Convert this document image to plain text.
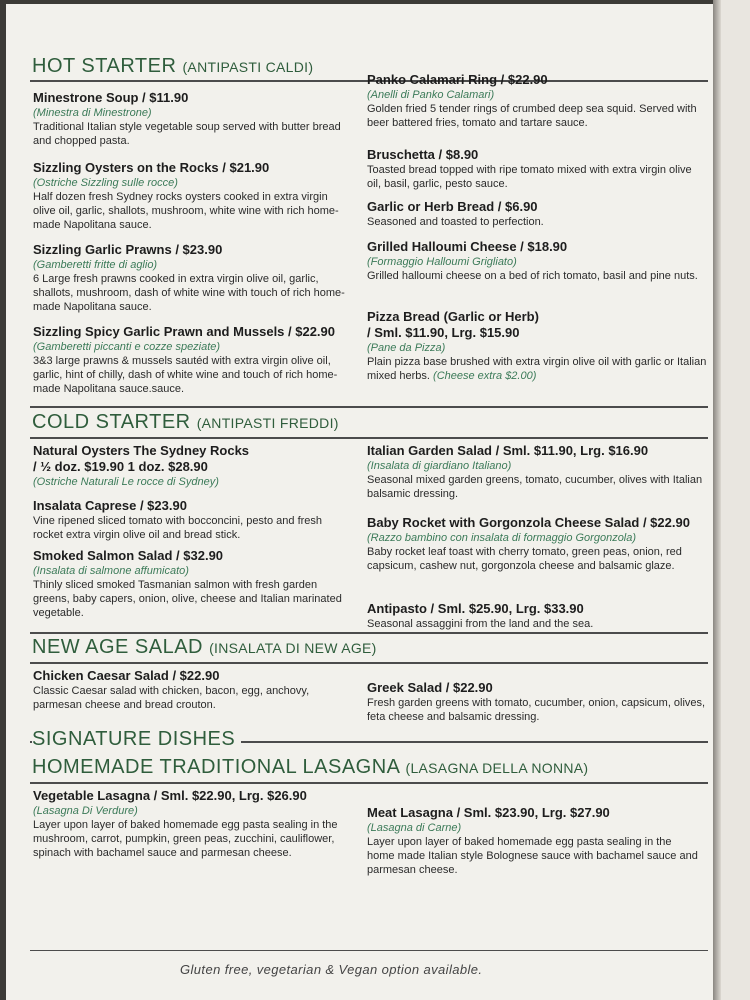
HOT STARTER (ANTIPASTI CALDI)
Minestrone Soup / $11.90
(Minestra di Minestrone)
Traditional Italian style vegetable soup served with butter bread and chopped pasta.
Sizzling Oysters on the Rocks / $21.90
(Ostriche Sizzling sulle rocce)
Half dozen fresh Sydney rocks oysters cooked in extra virgin olive oil, garlic, shallots, mushroom, white wine with rich home-made Napolitana sauce.
Sizzling Garlic Prawns / $23.90
(Gamberetti fritte di aglio)
6 Large fresh prawns cooked in extra virgin olive oil, garlic, shallots, mushroom, dash of white wine with touch of rich home-made Napolitana sauce.
Sizzling Spicy Garlic Prawn and Mussels / $22.90
(Gamberetti piccanti e cozze speziate)
3&3 large prawns & mussels sautéd with extra virgin olive oil, garlic, hint of chilly, dash of white wine and touch of rich home-made Napolitana sauce.sauce.
Panko Calamari Ring / $22.90
(Anelli di Panko Calamari)
Golden fried 5 tender rings of crumbed deep sea squid. Served with beer battered fries, tomato and tartare sauce.
Bruschetta / $8.90
Toasted bread topped with ripe tomato mixed with extra virgin olive oil, basil, garlic, pesto sauce.
Garlic or Herb Bread / $6.90
Seasoned and toasted to perfection.
Grilled Halloumi Cheese / $18.90
(Formaggio Halloumi Grigliato)
Grilled halloumi cheese on a bed of rich tomato, basil and pine nuts.
Pizza Bread (Garlic or Herb)
/ Sml. $11.90, Lrg. $15.90
(Pane da Pizza)
Plain pizza base brushed with extra virgin olive oil with garlic or Italian mixed herbs. (Cheese extra $2.00)
COLD STARTER (ANTIPASTI FREDDI)
Natural Oysters The Sydney Rocks
/ ½ doz. $19.90 1 doz. $28.90
(Ostriche Naturali Le rocce di Sydney)
Insalata Caprese / $23.90
Vine ripened sliced tomato with bocconcini, pesto and fresh rocket extra virgin olive oil and bread stick.
Smoked Salmon Salad / $32.90
(Insalata di salmone affumicato)
Thinly sliced smoked Tasmanian salmon with fresh garden greens, baby capers, onion, olive, cheese and Italian marinated vegetable.
Italian Garden Salad / Sml. $11.90, Lrg. $16.90
(Insalata di giardiano Italiano)
Seasonal mixed garden greens, tomato, cucumber, olives with Italian balsamic dressing.
Baby Rocket with Gorgonzola Cheese Salad / $22.90
(Razzo bambino con insalata di formaggio Gorgonzola)
Baby rocket leaf toast with cherry tomato, green peas, onion, red capsicum, cashew nut, gorgonzola cheese and balsamic glaze.
Antipasto / Sml. $25.90, Lrg. $33.90
Seasonal assaggini from the land and the sea.
NEW AGE SALAD (INSALATA DI NEW AGE)
Chicken Caesar Salad / $22.90
Classic Caesar salad with chicken, bacon, egg, anchovy, parmesan cheese and bread crouton.
Greek Salad / $22.90
Fresh garden greens with tomato, cucumber, onion, capsicum, olives, feta cheese and balsamic dressing.
SIGNATURE DISHES
HOMEMADE TRADITIONAL LASAGNA (LASAGNA DELLA NONNA)
Vegetable Lasagna / Sml. $22.90, Lrg. $26.90
(Lasagna Di Verdure)
Layer upon layer of baked homemade egg pasta sealing in the mushroom, carrot, pumpkin, green peas, zucchini, cauliflower, spinach with bachamel sauce and parmesan cheese.
Meat Lasagna / Sml. $23.90, Lrg. $27.90
(Lasagna di Carne)
Layer upon layer of baked homemade egg pasta sealing in the home made Italian style Bolognese sauce with bachamel sauce and parmesan cheese.
Gluten free, vegetarian & Vegan option available.
